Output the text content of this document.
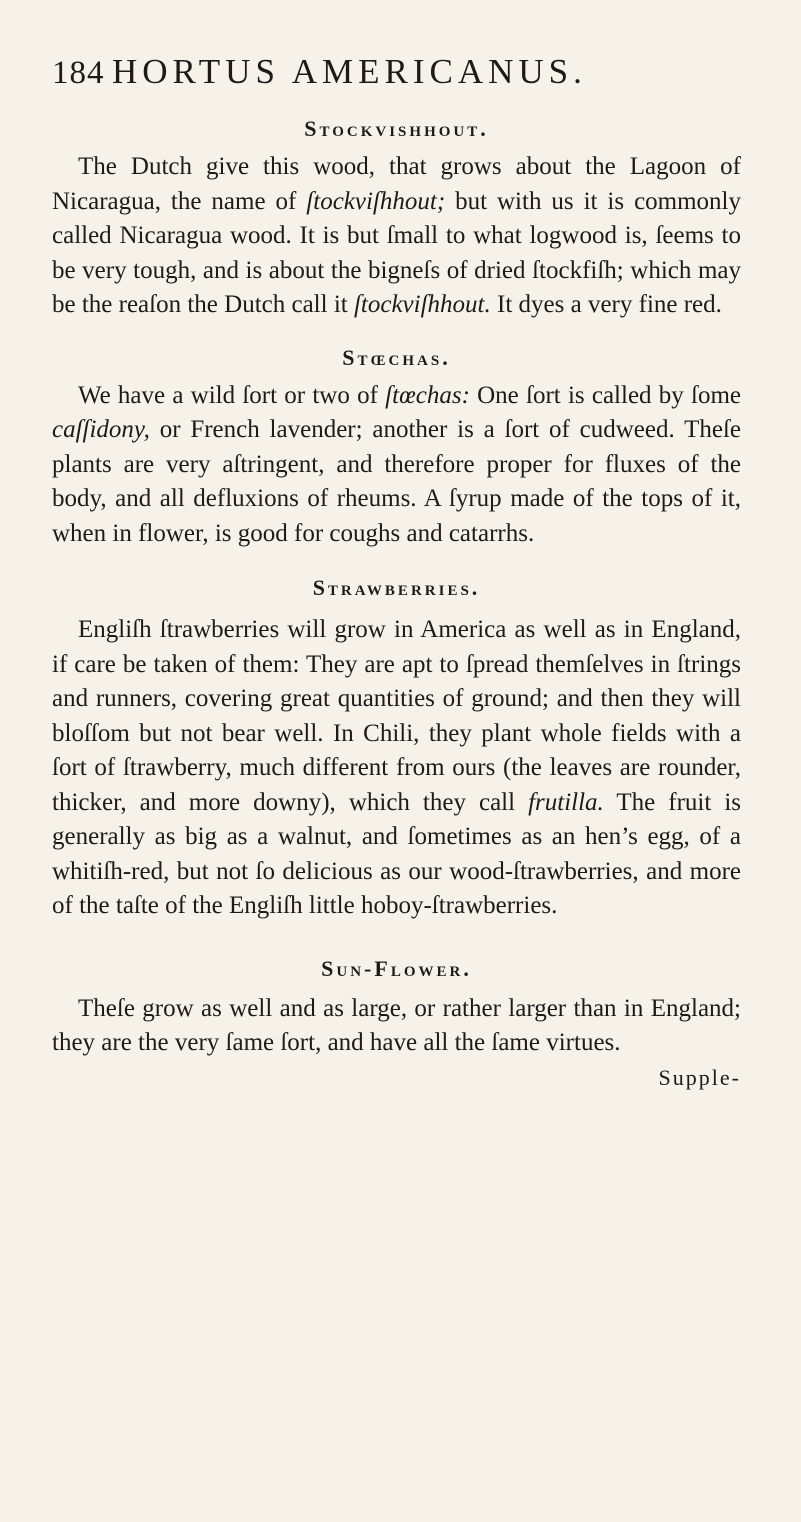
184 HORTUS AMERICANUS.
Stockvishhout.

The Dutch give this wood, that grows about the Lagoon of Nicaragua, the name of ſtockviſhhout; but with us it is commonly called Nicaragua wood. It is but ſmall to what logwood is, ſeems to be very tough, and is about the bigneſs of dried ſtockfiſh; which may be the reaſon the Dutch call it ſtockviſhhout. It dyes a very fine red.

Stœchas.

We have a wild ſort or two of ſtœchas: One ſort is called by ſome caſſidony, or French lavender; another is a ſort of cudweed. Theſe plants are very aſtringent, and therefore proper for fluxes of the body, and all defluxions of rheums. A ſyrup made of the tops of it, when in flower, is good for coughs and catarrhs.

Strawberries.

Engliſh ſtrawberries will grow in America as well as in England, if care be taken of them: They are apt to ſpread themſelves in ſtrings and runners, covering great quantities of ground; and then they will bloſſom but not bear well. In Chili, they plant whole fields with a ſort of ſtrawberry, much different from ours (the leaves are rounder, thicker, and more downy), which they call frutilla. The fruit is generally as big as a walnut, and ſometimes as an hen’s egg, of a whitiſh-red, but not ſo delicious as our wood-ſtrawberries, and more of the taſte of the Engliſh little hoboy-ſtrawberries.

Sun-Flower.

Theſe grow as well and as large, or rather larger than in England; they are the very ſame ſort, and have all the ſame virtues.

Supple-
